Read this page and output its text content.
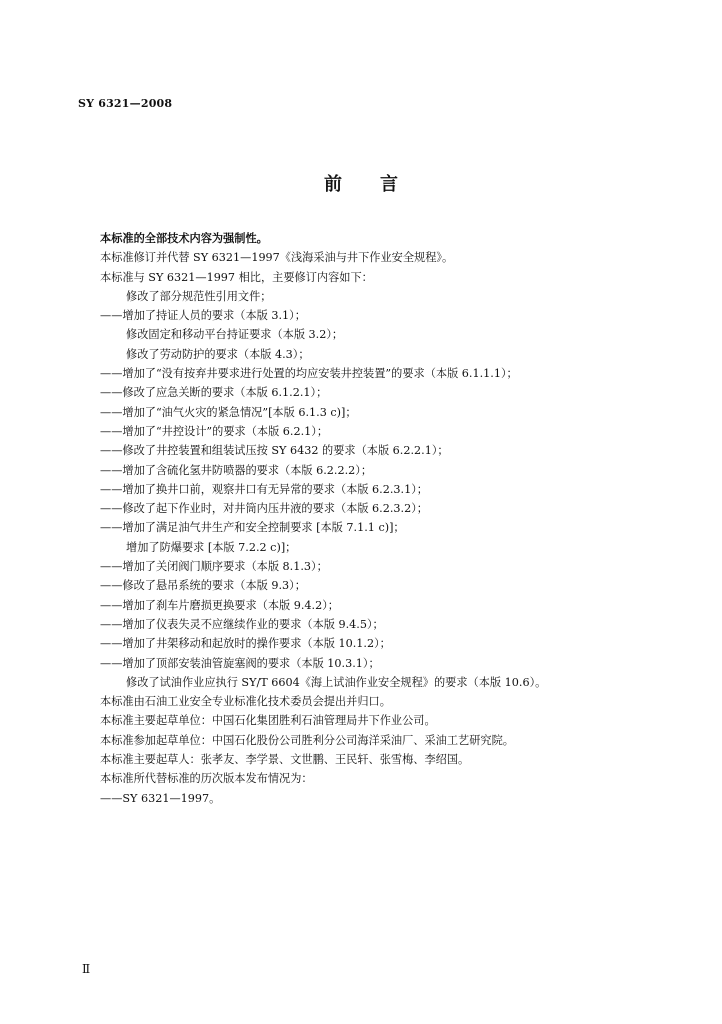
SY 6321—2008
前言
本标准的全部技术内容为强制性。
本标准修订并代替 SY 6321—1997《浅海采油与井下作业安全规程》。
本标准与 SY 6321—1997 相比，主要修订内容如下：
修改了部分规范性引用文件；
——增加了持证人员的要求（本版 3.1）；
修改固定和移动平台持证要求（本版 3.2）；
修改了劳动防护的要求（本版 4.3）；
——增加了“没有按弃井要求进行处置的均应安装井控装置”的要求（本版 6.1.1.1）；
——修改了应急关断的要求（本版 6.1.2.1）；
——增加了“油气火灾的紧急情况”[本版 6.1.3 c)]；
——增加了“井控设计”的要求（本版 6.2.1）；
——修改了井控装置和组装试压按 SY 6432 的要求（本版 6.2.2.1）；
——增加了含硫化氢井防喷器的要求（本版 6.2.2.2）；
——增加了换井口前，观察井口有无异常的要求（本版 6.2.3.1）；
——修改了起下作业时，对井筒内压井液的要求（本版 6.2.3.2）；
——增加了满足油气井生产和安全控制要求 [本版 7.1.1 c)]；
增加了防爆要求 [本版 7.2.2 c)]；
——增加了关闭阀门顺序要求（本版 8.1.3）；
——修改了悬吊系统的要求（本版 9.3）；
——增加了刹车片磨损更换要求（本版 9.4.2）；
——增加了仪表失灵不应继续作业的要求（本版 9.4.5）；
——增加了井架移动和起放时的操作要求（本版 10.1.2）；
——增加了顶部安装油管旋塞阀的要求（本版 10.3.1）；
修改了试油作业应执行 SY/T 6604《海上试油作业安全规程》的要求（本版 10.6）。
本标准由石油工业安全专业标准化技术委员会提出并归口。
本标准主要起草单位：中国石化集团胜利石油管理局井下作业公司。
本标准参加起草单位：中国石化股份公司胜利分公司海洋采油厂、采油工艺研究院。
本标准主要起草人：张孝友、李学景、文世鹏、王民轩、张雪梅、李绍国。
本标准所代替标准的历次版本发布情况为：
——SY 6321—1997。
Ⅱ
